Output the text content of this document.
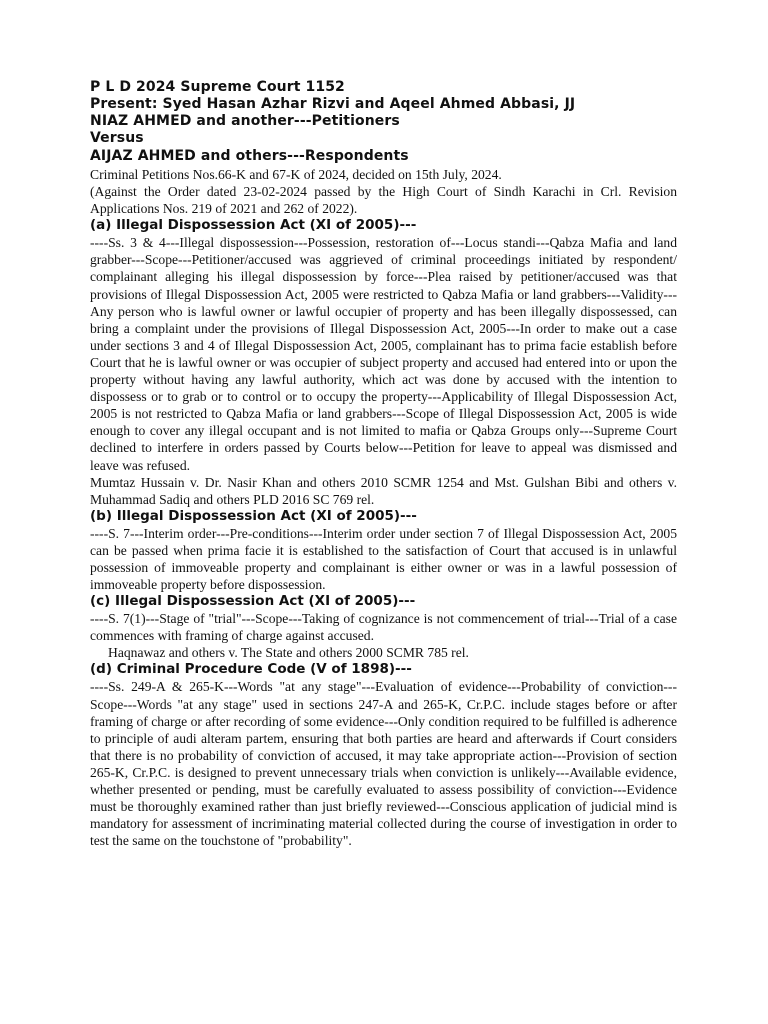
P L D 2024 Supreme Court 1152

Present: Syed Hasan Azhar Rizvi and Aqeel Ahmed Abbasi, JJ

NIAZ AHMED and another---Petitioners

Versus

AIJAZ AHMED and others---Respondents

Criminal Petitions Nos.66-K and 67-K of 2024, decided on 15th July, 2024.

(Against the Order dated 23-02-2024 passed by the High Court of Sindh Karachi in Crl. Revision Applications Nos. 219 of 2021 and 262 of 2022).

(a) Illegal Dispossession Act (XI of 2005)---

----Ss. 3 & 4---Illegal dispossession---Possession, restoration of---Locus standi---Qabza Mafia and land grabber---Scope---Petitioner/accused was aggrieved of criminal proceedings initiated by respondent/ complainant alleging his illegal dispossession by force---Plea raised by petitioner/accused was that provisions of Illegal Dispossession Act, 2005 were restricted to Qabza Mafia or land grabbers---Validity---Any person who is lawful owner or lawful occupier of property and has been illegally dispossessed, can bring a complaint under the provisions of Illegal Dispossession Act, 2005---In order to make out a case under sections 3 and 4 of Illegal Dispossession Act, 2005, complainant has to prima facie establish before Court that he is lawful owner or was occupier of subject property and accused had entered into or upon the property without having any lawful authority, which act was done by accused with the intention to dispossess or to grab or to control or to occupy the property---Applicability of Illegal Dispossession Act, 2005 is not restricted to Qabza Mafia or land grabbers---Scope of Illegal Dispossession Act, 2005 is wide enough to cover any illegal occupant and is not limited to mafia or Qabza Groups only---Supreme Court declined to interfere in orders passed by Courts below---Petition for leave to appeal was dismissed and leave was refused.

Mumtaz Hussain v. Dr. Nasir Khan and others 2010 SCMR 1254 and Mst. Gulshan Bibi and others v. Muhammad Sadiq and others PLD 2016 SC 769 rel.

(b) Illegal Dispossession Act (XI of 2005)---

----S. 7---Interim order---Pre-conditions---Interim order under section 7 of Illegal Dispossession Act, 2005 can be passed when prima facie it is established to the satisfaction of Court that accused is in unlawful possession of immoveable property and complainant is either owner or was in a lawful possession of immoveable property before dispossession.

(c) Illegal Dispossession Act (XI of 2005)---

----S. 7(1)---Stage of "trial"---Scope---Taking of cognizance is not commencement of trial---Trial of a case commences with framing of charge against accused.

Haqnawaz and others v. The State and others 2000 SCMR 785 rel.

(d) Criminal Procedure Code (V of 1898)---

----Ss. 249-A & 265-K---Words "at any stage"---Evaluation of evidence---Probability of conviction---Scope---Words "at any stage" used in sections 247-A and 265-K, Cr.P.C. include stages before or after framing of charge or after recording of some evidence---Only condition required to be fulfilled is adherence to principle of audi alteram partem, ensuring that both parties are heard and afterwards if Court considers that there is no probability of conviction of accused, it may take appropriate action---Provision of section 265-K, Cr.P.C. is designed to prevent unnecessary trials when conviction is unlikely---Available evidence, whether presented or pending, must be carefully evaluated to assess possibility of conviction---Evidence must be thoroughly examined rather than just briefly reviewed---Conscious application of judicial mind is mandatory for assessment of incriminating material collected during the course of investigation in order to test the same on the touchstone of "probability".
